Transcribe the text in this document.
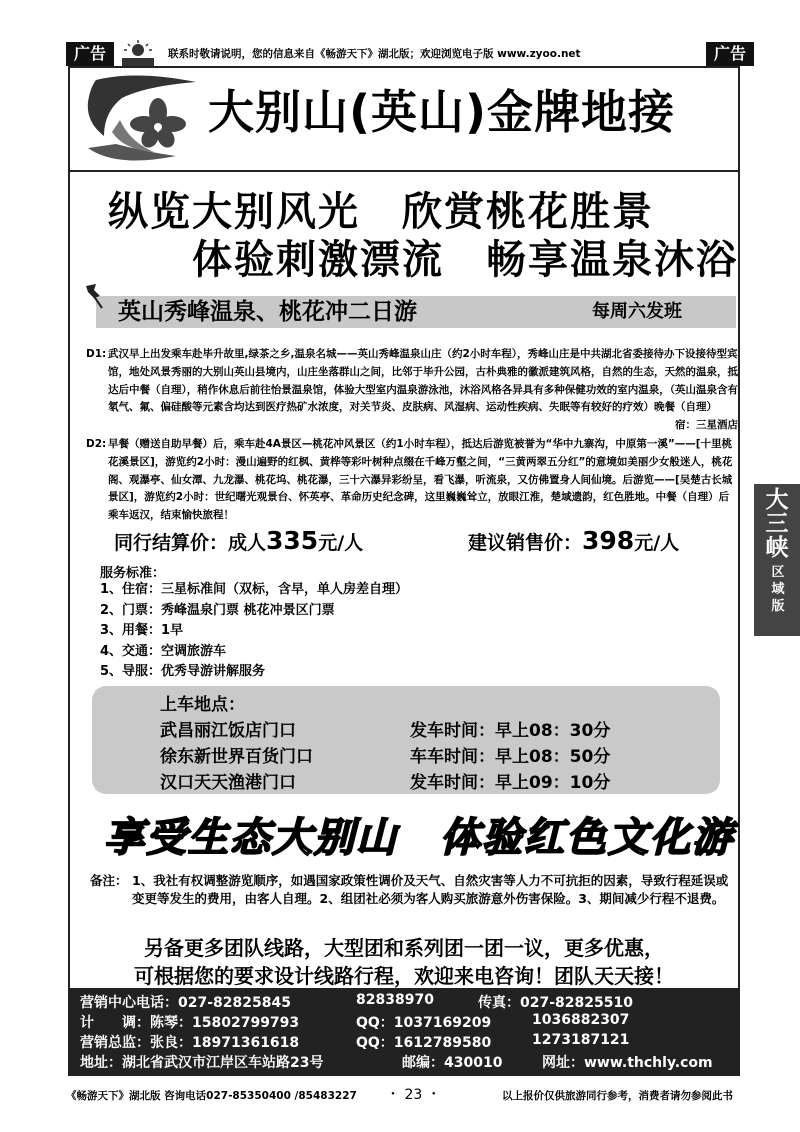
广告	联系时敬请说明，您的信息来自《畅游天下》湖北版；欢迎浏览电子版 www.zyoo.net	广告
大别山(英山)金牌地接
纵览大别风光　欣赏桃花胜景
体验刺激漂流　畅享温泉沐浴
英山秀峰温泉、桃花冲二日游	每周六发班
D1: 武汉早上出发乘车赴毕升故里,绿茶之乡,温泉名城——英山秀峰温泉山庄（约2小时车程），秀峰山庄是中共湖北省委接待办下设接待型宾馆，地处风景秀丽的大别山英山县境内，山庄坐落群山之间，比邻于毕升公园，古朴典雅的徽派建筑风格，自然的生态，天然的温泉，抵达后中餐（自理），稍作休息后前往怡景温泉馆，体验大型室内温泉游泳池，沐浴风格各异具有多种保健功效的室内温泉，（英山温泉含有氡气、氟、偏硅酸等元素含均达到医疗热矿水浓度，对关节炎、皮肤病、风湿病、运动性疾病、失眠等有较好的疗效）晚餐（自理）
宿：三星酒店
D2: 早餐（赠送自助早餐）后，乘车赴4A景区—桃花冲风景区（约1小时车程），抵达后游览被誉为“华中九寨沟，中原第一溪”——[十里桃花溪景区]，游览约2小时：漫山遍野的红枫、黄桦等彩叶树种点缀在千峰万壑之间，“三黄两翠五分红”的意境如美丽少女般迷人，桃花阁、观瀑亭、仙女潭、九龙瀑、桃花坞、桃花瀑，三十六瀑异彩纷呈，看飞瀑，听流泉，又仿佛置身人间仙境。后游览——[吴楚古长城景区]，游览约2小时：世纪曙光观景台、怀英亭、革命历史纪念碑，这里巍巍耸立，放眼江淮，楚域遗韵，红色胜地。中餐（自理）后乘车返汉，结束愉快旅程！
同行结算价：成人335元/人	建议销售价：398元/人
服务标准：
1、住宿：三星标准间（双标，含早，单人房差自理）
2、门票：秀峰温泉门票 桃花冲景区门票
3、用餐：1早
4、交通：空调旅游车
5、导服：优秀导游讲解服务
上车地点：
武昌丽江饭店门口	发车时间：早上08：30分
徐东新世界百货门口	车车时间：早上08：50分
汉口天天渔港门口	发车时间：早上09：10分
享受生态大别山　体验红色文化游
备注： 1、我社有权调整游览顺序，如遇国家政策性调价及天气、自然灾害等人力不可抗拒的因素，导致行程延误或变更等发生的费用，由客人自理。2、组团社必须为客人购买旅游意外伤害保险。3、期间减少行程不退费。
另备更多团队线路，大型团和系列团一团一议，更多优惠，
可根据您的要求设计线路行程，欢迎来电咨询！团队天天接！
营销中心电话：027-82825845	82838970	传真：027-82825510
计　　调：陈琴：15802799793	QQ：1037169209	1036882307
营销总监：张良：18971361618	QQ：1612789580	1273187121
地址：湖北省武汉市江岸区车站路23号	邮编：430010	网址：www.thchly.com
大三峡
区域版
《畅游天下》湖北版 咨询电话027-85350400 /85483227 ・ 23 ・	以上报价仅供旅游同行参考，消费者请勿参阅此书
